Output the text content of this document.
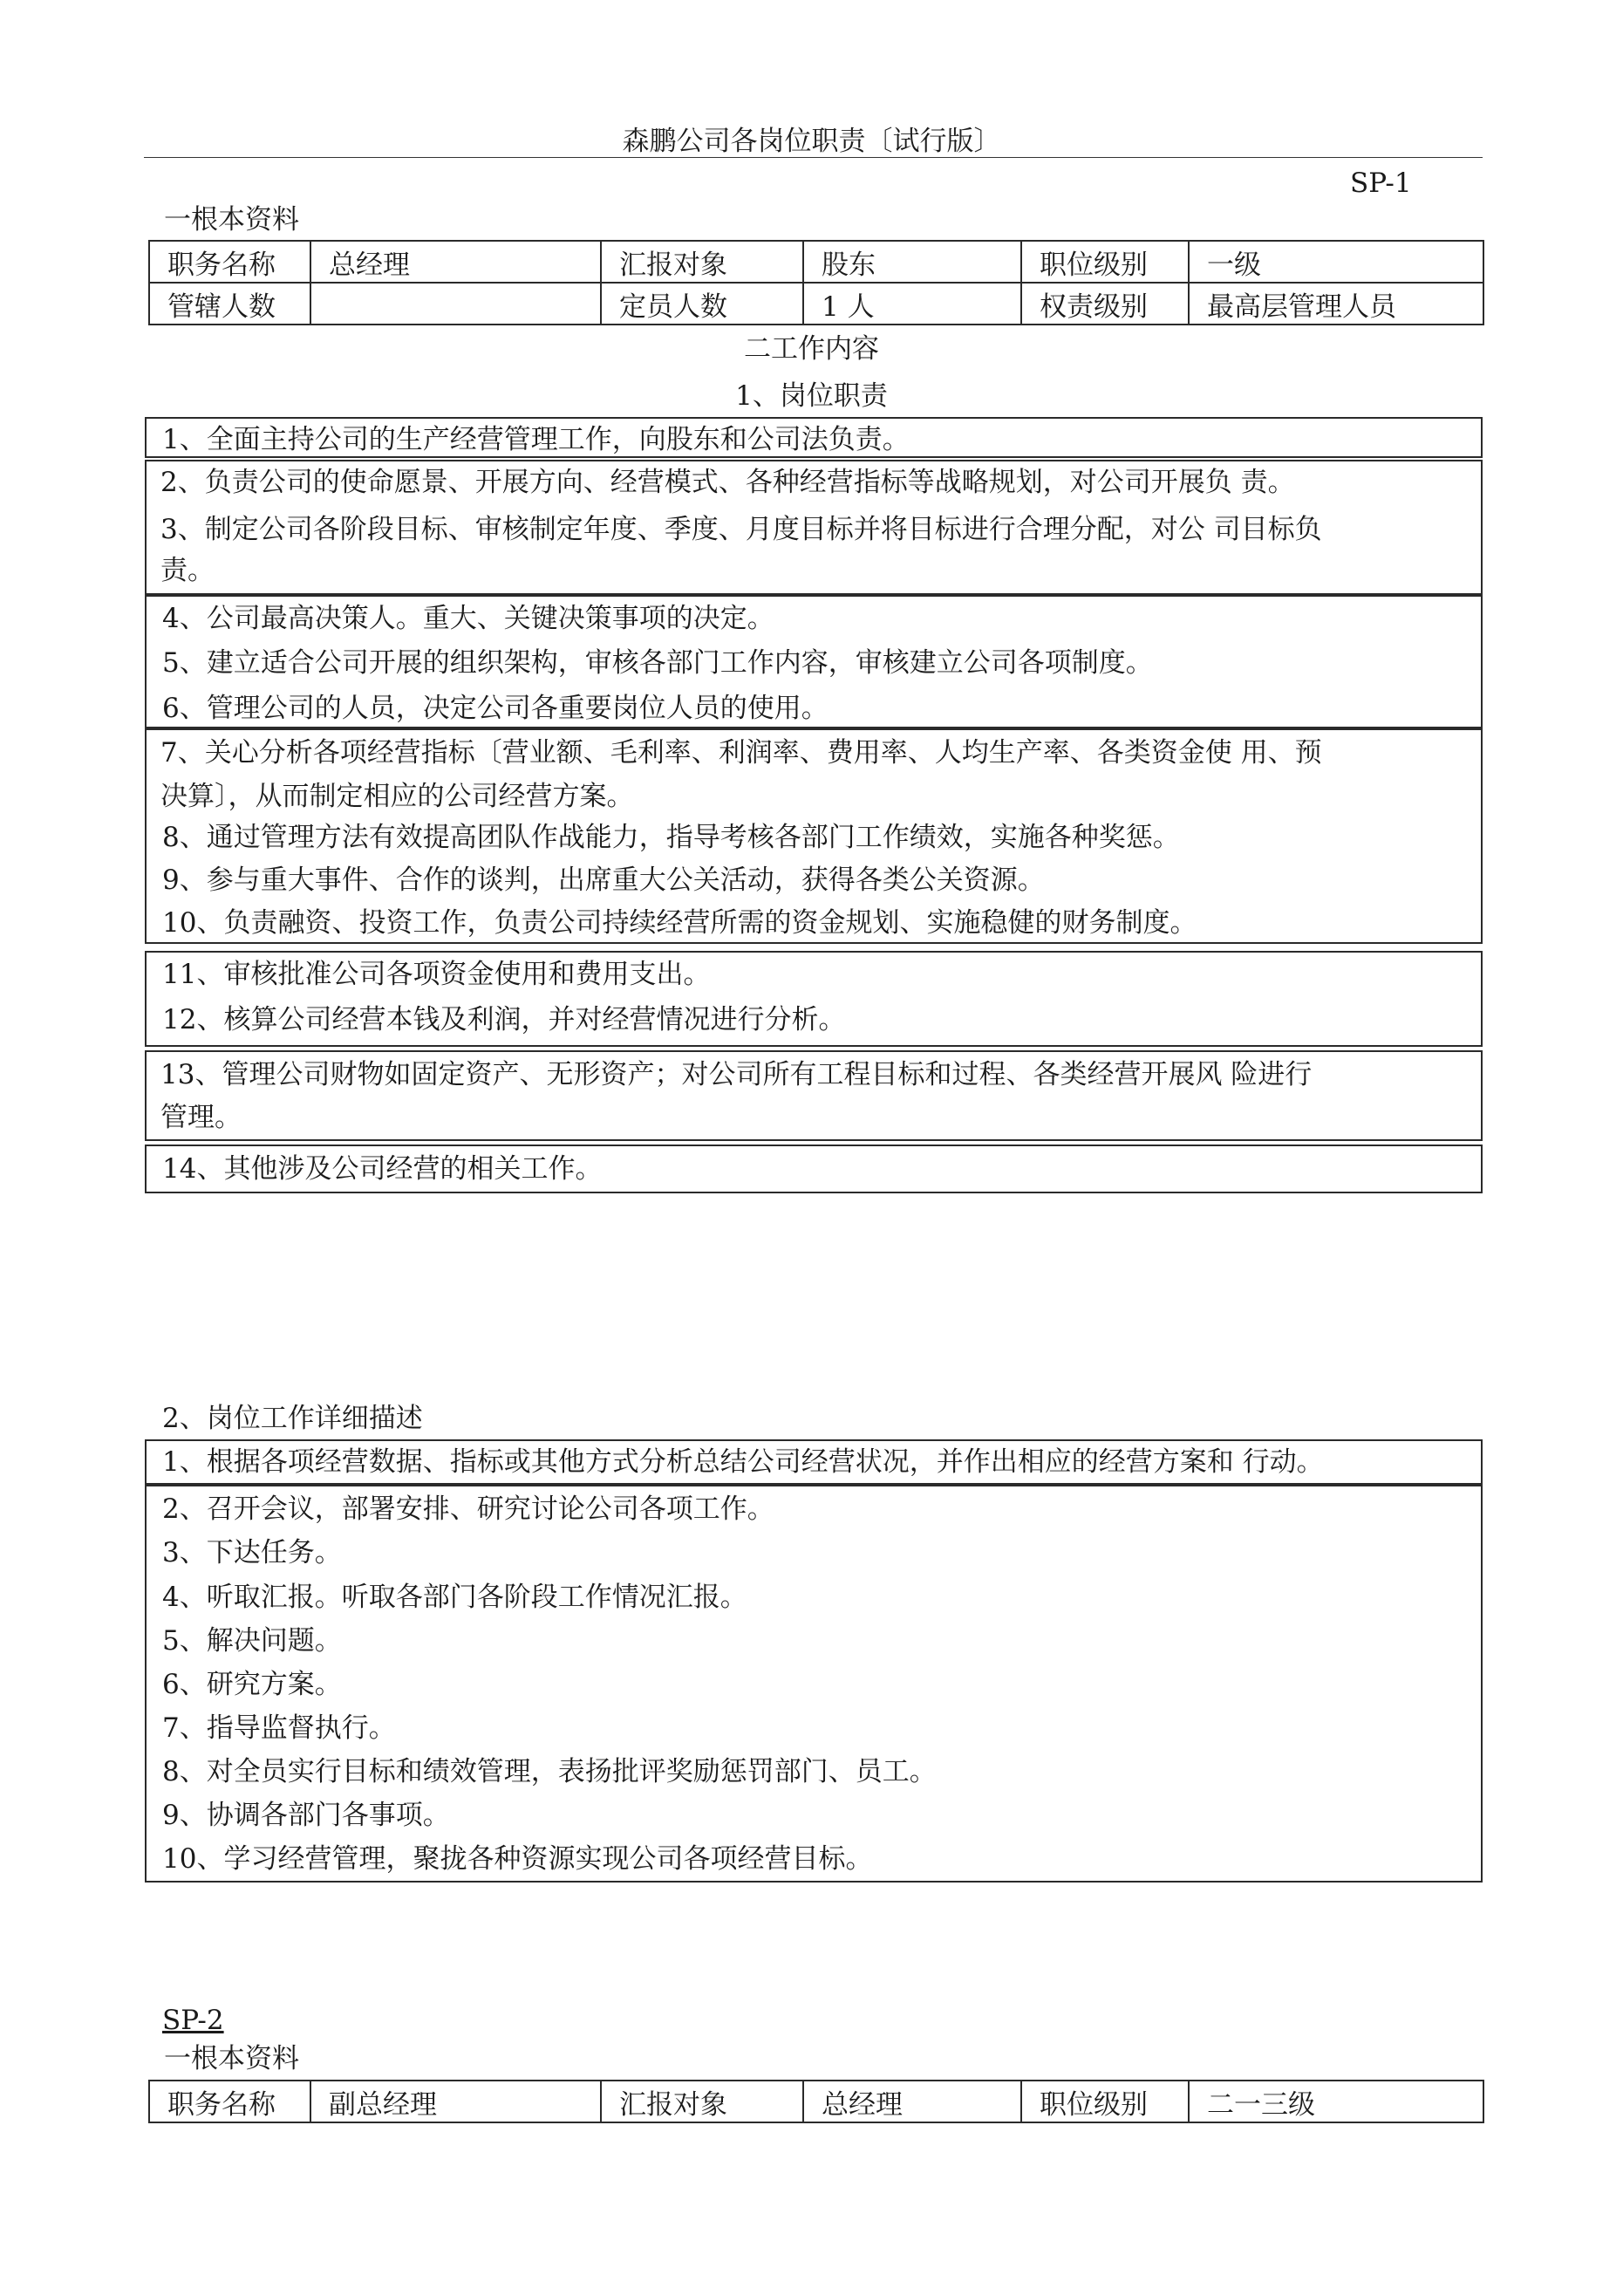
森鹏公司各岗位职责〔试行版〕
SP-1
一根本资料
职务名称	总经理	汇报对象	股东	职位级别	一级
管辖人数		定员人数	1 人	权责级别	最高层管理人员
二工作内容
1、岗位职责
1、全面主持公司的生产经营管理工作，向股东和公司法负责。
2、负责公司的使命愿景、开展方向、经营模式、各种经营指标等战略规划，对公司开展负 责。
3、制定公司各阶段目标、审核制定年度、季度、月度目标并将目标进行合理分配，对公 司目标负
责。
4、公司最高决策人。重大、关键决策事项的决定。
5、建立适合公司开展的组织架构，审核各部门工作内容，审核建立公司各项制度。
6、管理公司的人员，决定公司各重要岗位人员的使用。
7、关心分析各项经营指标〔营业额、毛利率、利润率、费用率、人均生产率、各类资金使 用、预
决算〕，从而制定相应的公司经营方案。
8、通过管理方法有效提高团队作战能力，指导考核各部门工作绩效，实施各种奖惩。
9、参与重大事件、合作的谈判，出席重大公关活动，获得各类公关资源。
10、负责融资、投资工作，负责公司持续经营所需的资金规划、实施稳健的财务制度。
11、审核批准公司各项资金使用和费用支出。
12、核算公司经营本钱及利润，并对经营情况进行分析。
13、管理公司财物如固定资产、无形资产；对公司所有工程目标和过程、各类经营开展风 险进行
管理。
14、其他涉及公司经营的相关工作。
2、岗位工作详细描述
1、根据各项经营数据、指标或其他方式分析总结公司经营状况，并作出相应的经营方案和 行动。
2、召开会议，部署安排、研究讨论公司各项工作。
3、下达任务。
4、听取汇报。听取各部门各阶段工作情况汇报。
5、解决问题。
6、研究方案。
7、指导监督执行。
8、对全员实行目标和绩效管理，表扬批评奖励惩罚部门、员工。
9、协调各部门各事项。
10、学习经营管理，聚拢各种资源实现公司各项经营目标。
SP-2
一根本资料
职务名称	副总经理	汇报对象	总经理	职位级别	二一三级
